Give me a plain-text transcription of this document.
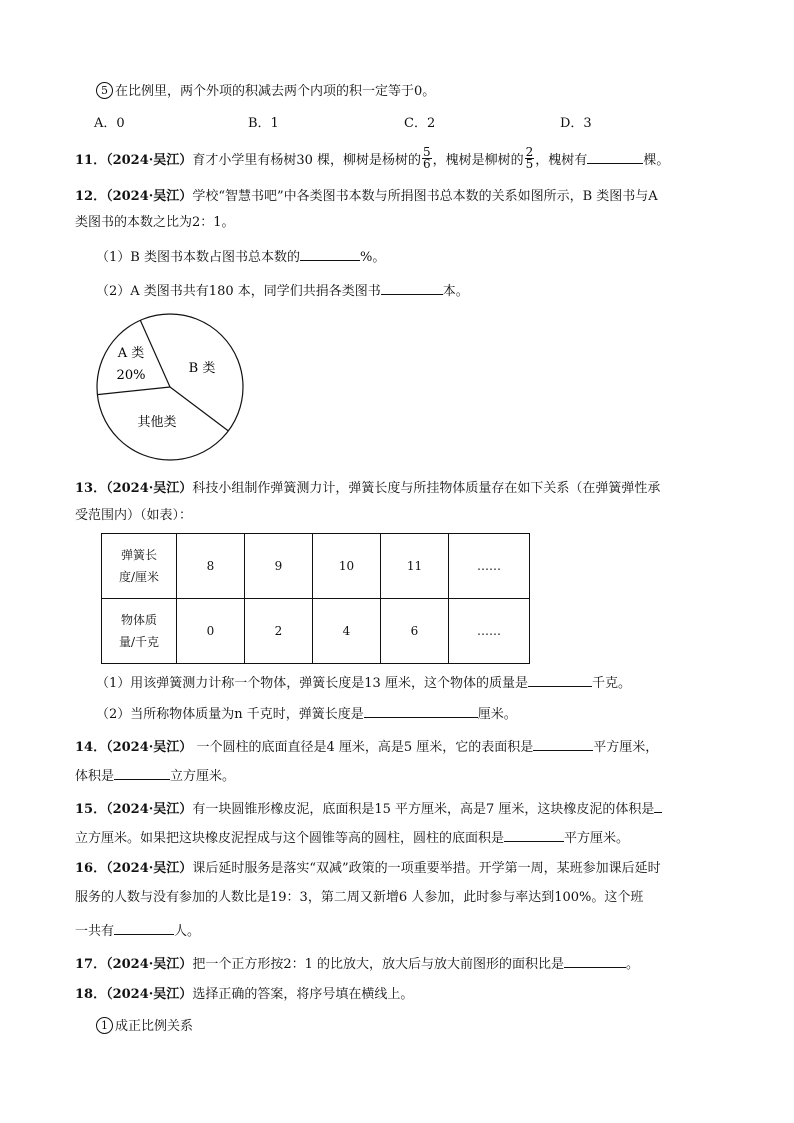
5 在比例里，两个外项的积减去两个内项的积一定等于0。
A．0	B．1	C．2	D．3
11．（2024·吴江）育才小学里有杨树30 棵，柳树是杨树的 $\frac{5}{6}$ ，槐树是柳树的 $\frac{2}{5}$ ，槐树有	棵。
12．（2024·吴江）学校“智慧书吧”中各类图书本数与所捐图书总本数的关系如图所示，B 类图书与A
类图书的本数之比为2：1。
（1）B 类图书本数占图书总本数的	%。
（2）A 类图书共有180 本，同学们共捐各类图书	本。
A 类
20%	B 类
其他类
13．（2024·吴江）科技小组制作弹簧测力计，弹簧长度与所挂物体质量存在如下关系（在弹簧弹性承
受范围内）（如表）：
弹簧长
度/厘米	8	9	10	11	……
物体质
量/千克	0	2	4	6	……
（1）用该弹簧测力计称一个物体，弹簧长度是13 厘米，这个物体的质量是	千克。
（2）当所称物体质量为n 千克时，弹簧长度是	厘米。
14．（2024·吴江） 一个圆柱的底面直径是4 厘米，高是5 厘米，它的表面积是	平方厘米，
体积是	立方厘米。
15．（2024·吴江）有一块圆锥形橡皮泥，底面积是15 平方厘米，高是7 厘米，这块橡皮泥的体积是
立方厘米。如果把这块橡皮泥捏成与这个圆锥等高的圆柱，圆柱的底面积是	平方厘米。
16．（2024·吴江）课后延时服务是落实“双减”政策的一项重要举措。开学第一周，某班参加课后延时
服务的人数与没有参加的人数比是19：3，第二周又新增6 人参加，此时参与率达到100%。这个班
一共有	人。
17．（2024·吴江）把一个正方形按2：1 的比放大，放大后与放大前图形的面积比是	。
18．（2024·吴江）选择正确的答案，将序号填在横线上。
1 成正比例关系
